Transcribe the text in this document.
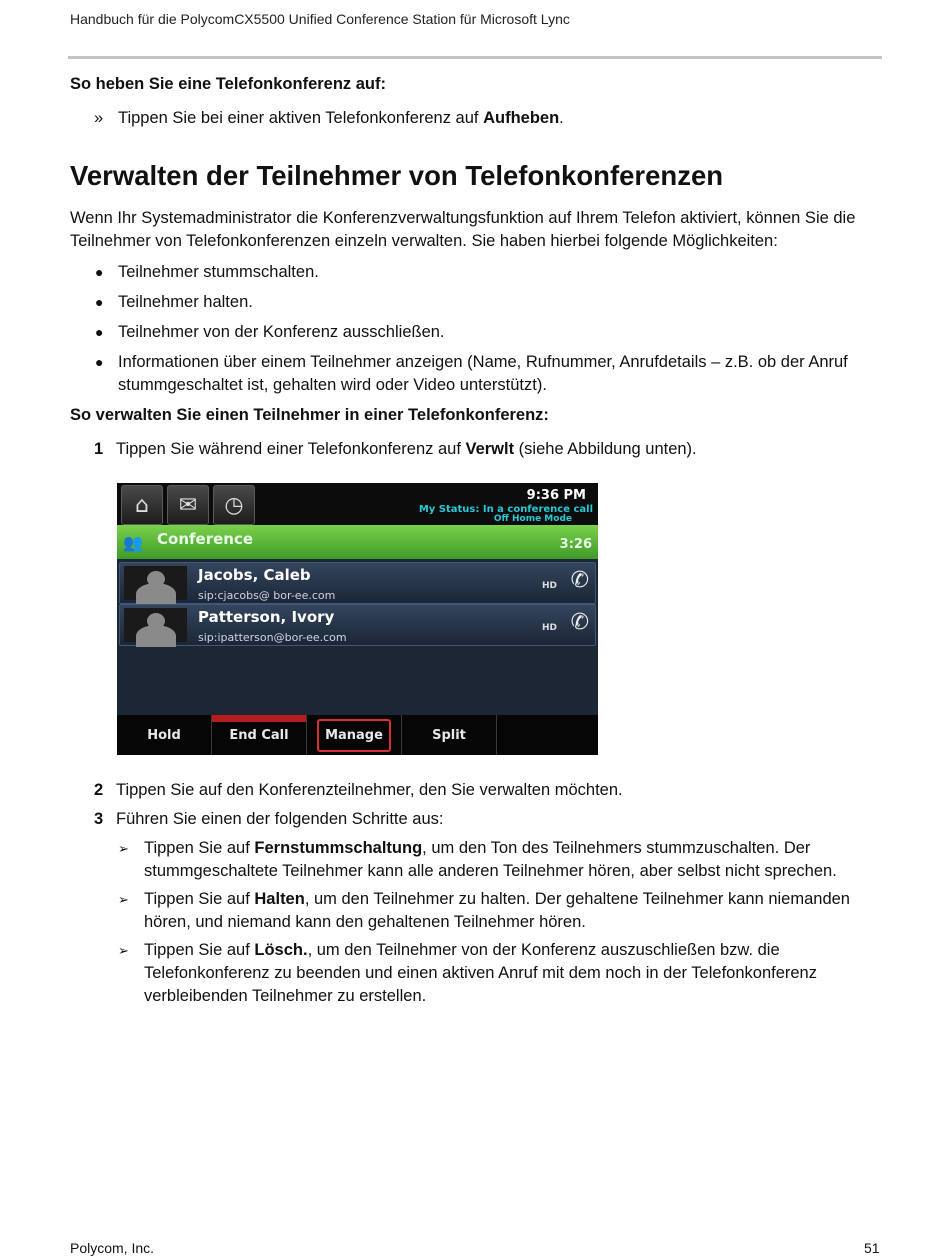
Handbuch für die PolycomCX5500 Unified Conference Station für Microsoft Lync
So heben Sie eine Telefonkonferenz auf:
» Tippen Sie bei einer aktiven Telefonkonferenz auf Aufheben.
Verwalten der Teilnehmer von Telefonkonferenzen

Wenn Ihr Systemadministrator die Konferenzverwaltungsfunktion auf Ihrem Telefon aktiviert, können Sie die Teilnehmer von Telefonkonferenzen einzeln verwalten. Sie haben hierbei folgende Möglichkeiten:

● Teilnehmer stummschalten.
● Teilnehmer halten.
● Teilnehmer von der Konferenz ausschließen.
● Informationen über einem Teilnehmer anzeigen (Name, Rufnummer, Anrufdetails – z.B. ob der Anruf stummgeschaltet ist, gehalten wird oder Video unterstützt).
So verwalten Sie einen Teilnehmer in einer Telefonkonferenz:
1 Tippen Sie während einer Telefonkonferenz auf Verwlt (siehe Abbildung unten).
⌂	✉	◷	9:36 PM
My Status: In a conference call
Off Home Mode
👥 Conference	3:26
Jacobs, Caleb
sip:cjacobs@ bor-ee.com
HD ✆
Patterson, Ivory
sip:ipatterson@bor-ee.com
HD ✆
Hold	End Call	Manage	Split
2 Tippen Sie auf den Konferenzteilnehmer, den Sie verwalten möchten.
3 Führen Sie einen der folgenden Schritte aus:
➢ Tippen Sie auf Fernstummschaltung, um den Ton des Teilnehmers stummzuschalten. Der stummgeschaltete Teilnehmer kann alle anderen Teilnehmer hören, aber selbst nicht sprechen.
➢ Tippen Sie auf Halten, um den Teilnehmer zu halten. Der gehaltene Teilnehmer kann niemanden hören, und niemand kann den gehaltenen Teilnehmer hören.
➢ Tippen Sie auf Lösch., um den Teilnehmer von der Konferenz auszuschließen bzw. die Telefonkonferenz zu beenden und einen aktiven Anruf mit dem noch in der Telefonkonferenz verbleibenden Teilnehmer zu erstellen.
Polycom, Inc.	51
